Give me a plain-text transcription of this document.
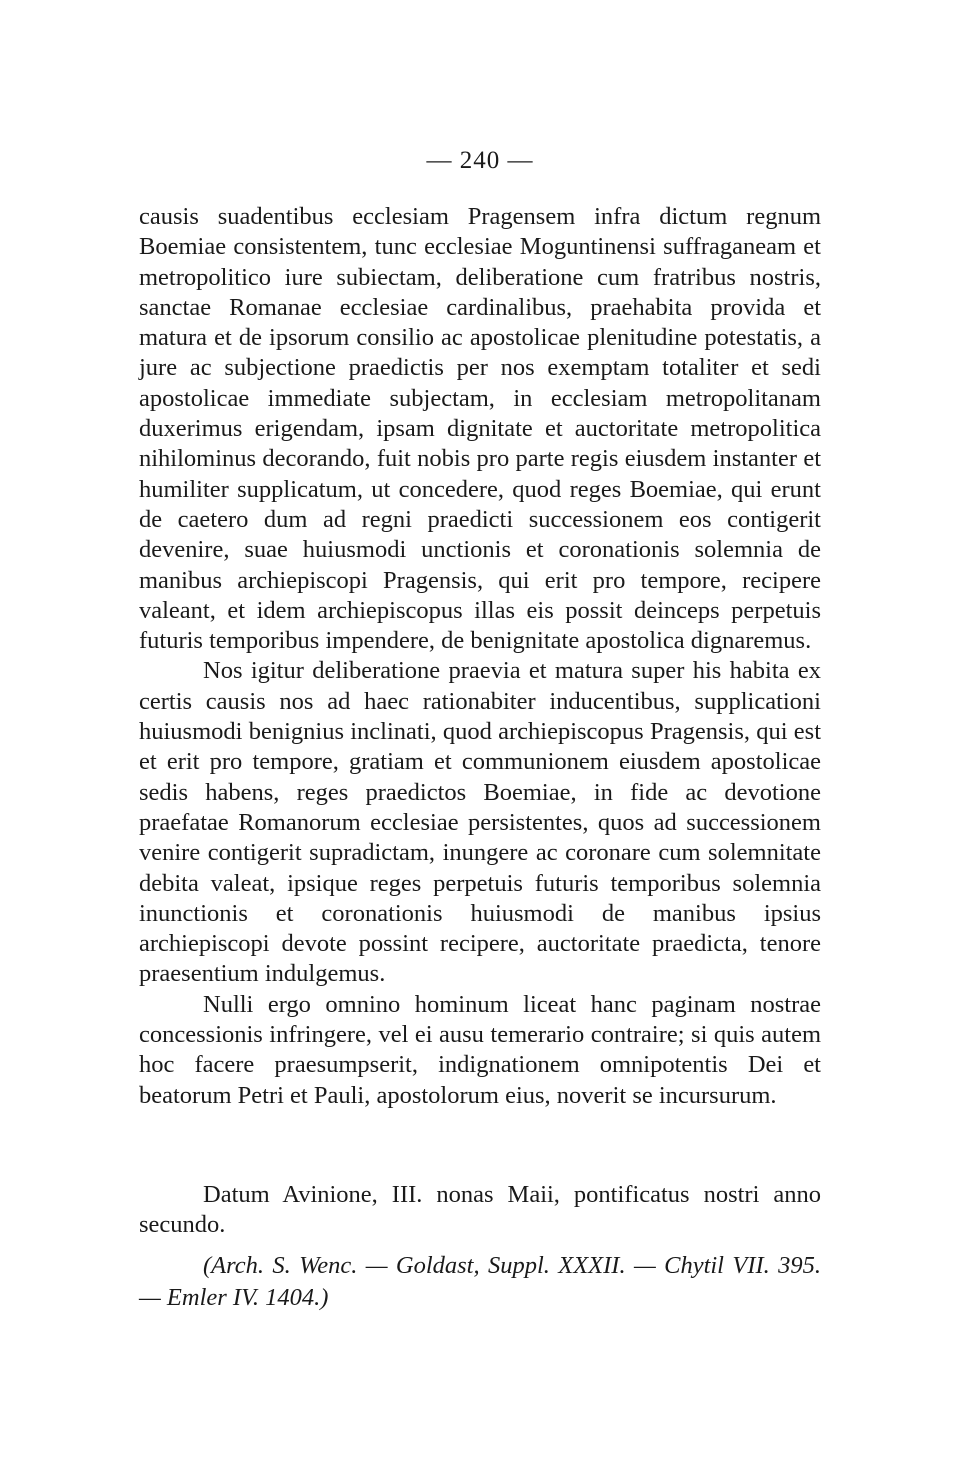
— 240 —

causis suadentibus ecclesiam Pragensem infra dictum regnum Boemiae consistentem, tunc ecclesiae Moguntinensi suffraganeam et metropolitico iure subiectam, deliberatione cum fratribus nostris, sanctae Romanae ecclesiae cardinalibus, praehabita provida et matura et de ipsorum consilio ac apostolicae plenitudine potestatis, a jure ac subjectione praedictis per nos exemptam totaliter et sedi apostolicae immediate subjectam, in ecclesiam metropolitanam duxerimus erigendam, ipsam dignitate et auctoritate metropolitica nihilominus decorando, fuit nobis pro parte regis eiusdem instanter et humiliter supplicatum, ut concedere, quod reges Boemiae, qui erunt de caetero dum ad regni praedicti successionem eos contigerit devenire, suae huiusmodi unctionis et coronationis solemnia de manibus archiepiscopi Pragensis, qui erit pro tempore, recipere valeant, et idem archiepiscopus illas eis possit deinceps perpetuis futuris temporibus impendere, de benignitate apostolica dignaremus.

Nos igitur deliberatione praevia et matura super his habita ex certis causis nos ad haec rationabiter inducentibus, supplicationi huiusmodi benignius inclinati, quod archiepiscopus Pragensis, qui est et erit pro tempore, gratiam et communionem eiusdem apostolicae sedis habens, reges praedictos Boemiae, in fide ac devotione praefatae Romanorum ecclesiae persistentes, quos ad successionem venire contigerit supradictam, inungere ac coronare cum solemnitate debita valeat, ipsique reges perpetuis futuris temporibus solemnia inunctionis et coronationis huiusmodi de manibus ipsius archiepiscopi devote possint recipere, auctoritate praedicta, tenore praesentium indulgemus.

Nulli ergo omnino hominum liceat hanc paginam nostrae concessionis infringere, vel ei ausu temerario contraire; si quis autem hoc facere praesumpserit, indignationem omnipotentis Dei et beatorum Petri et Pauli, apostolorum eius, noverit se incursurum.

Datum Avinione, III. nonas Maii, pontificatus nostri anno secundo.

(Arch. S. Wenc. — Goldast, Suppl. XXXII. — Chytil VII. 395. — Emler IV. 1404.)
